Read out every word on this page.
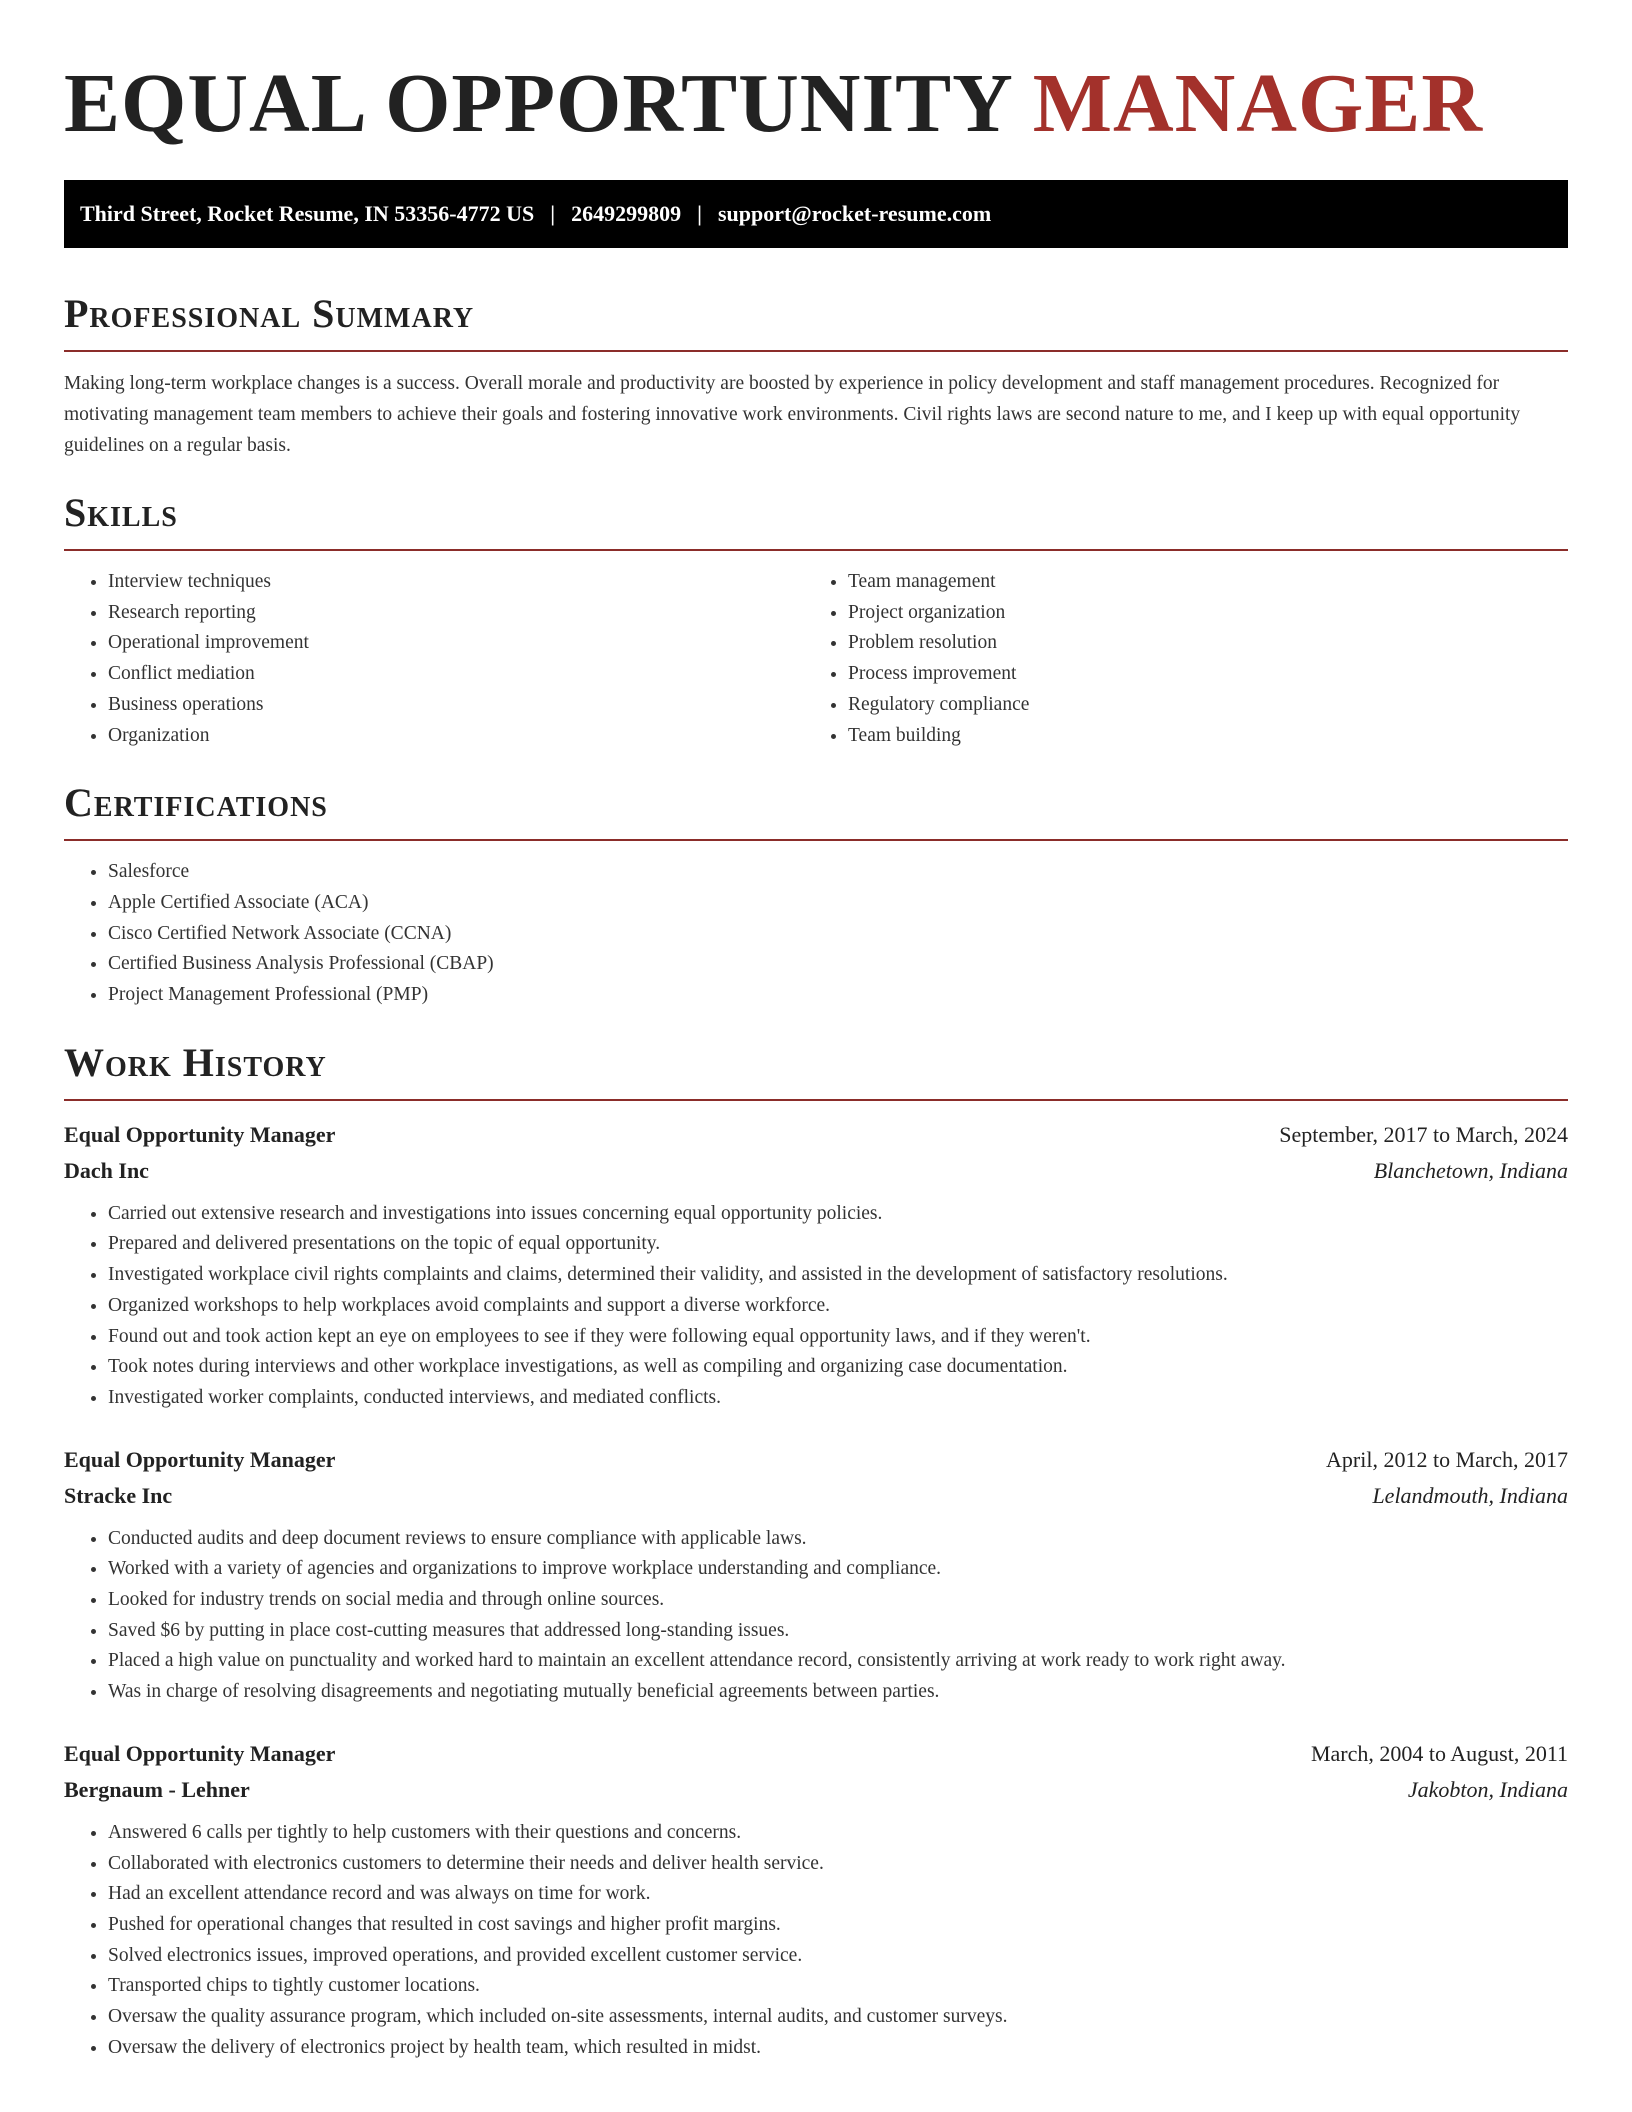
EQUAL OPPORTUNITY MANAGER
Third Street, Rocket Resume, IN 53356-4772 US | 2649299809 | support@rocket-resume.com
Professional Summary

Making long-term workplace changes is a success. Overall morale and productivity are boosted by experience in policy development and staff management procedures. Recognized for motivating management team members to achieve their goals and fostering innovative work environments. Civil rights laws are second nature to me, and I keep up with equal opportunity guidelines on a regular basis.

Skills
• Interview techniques
• Research reporting
• Operational improvement
• Conflict mediation
• Business operations
• Organization
• Team management
• Project organization
• Problem resolution
• Process improvement
• Regulatory compliance
• Team building
Certifications
• Salesforce
• Apple Certified Associate (ACA)
• Cisco Certified Network Associate (CCNA)
• Certified Business Analysis Professional (CBAP)
• Project Management Professional (PMP)
Work History
Equal Opportunity Manager	September, 2017 to March, 2024
Dach Inc	Blanchetown, Indiana
• Carried out extensive research and investigations into issues concerning equal opportunity policies.
• Prepared and delivered presentations on the topic of equal opportunity.
• Investigated workplace civil rights complaints and claims, determined their validity, and assisted in the development of satisfactory resolutions.
• Organized workshops to help workplaces avoid complaints and support a diverse workforce.
• Found out and took action kept an eye on employees to see if they were following equal opportunity laws, and if they weren't.
• Took notes during interviews and other workplace investigations, as well as compiling and organizing case documentation.
• Investigated worker complaints, conducted interviews, and mediated conflicts.
Equal Opportunity Manager	April, 2012 to March, 2017
Stracke Inc	Lelandmouth, Indiana
• Conducted audits and deep document reviews to ensure compliance with applicable laws.
• Worked with a variety of agencies and organizations to improve workplace understanding and compliance.
• Looked for industry trends on social media and through online sources.
• Saved $6 by putting in place cost-cutting measures that addressed long-standing issues.
• Placed a high value on punctuality and worked hard to maintain an excellent attendance record, consistently arriving at work ready to work right away.
• Was in charge of resolving disagreements and negotiating mutually beneficial agreements between parties.
Equal Opportunity Manager	March, 2004 to August, 2011
Bergnaum - Lehner	Jakobton, Indiana
• Answered 6 calls per tightly to help customers with their questions and concerns.
• Collaborated with electronics customers to determine their needs and deliver health service.
• Had an excellent attendance record and was always on time for work.
• Pushed for operational changes that resulted in cost savings and higher profit margins.
• Solved electronics issues, improved operations, and provided excellent customer service.
• Transported chips to tightly customer locations.
• Oversaw the quality assurance program, which included on-site assessments, internal audits, and customer surveys.
• Oversaw the delivery of electronics project by health team, which resulted in midst.
